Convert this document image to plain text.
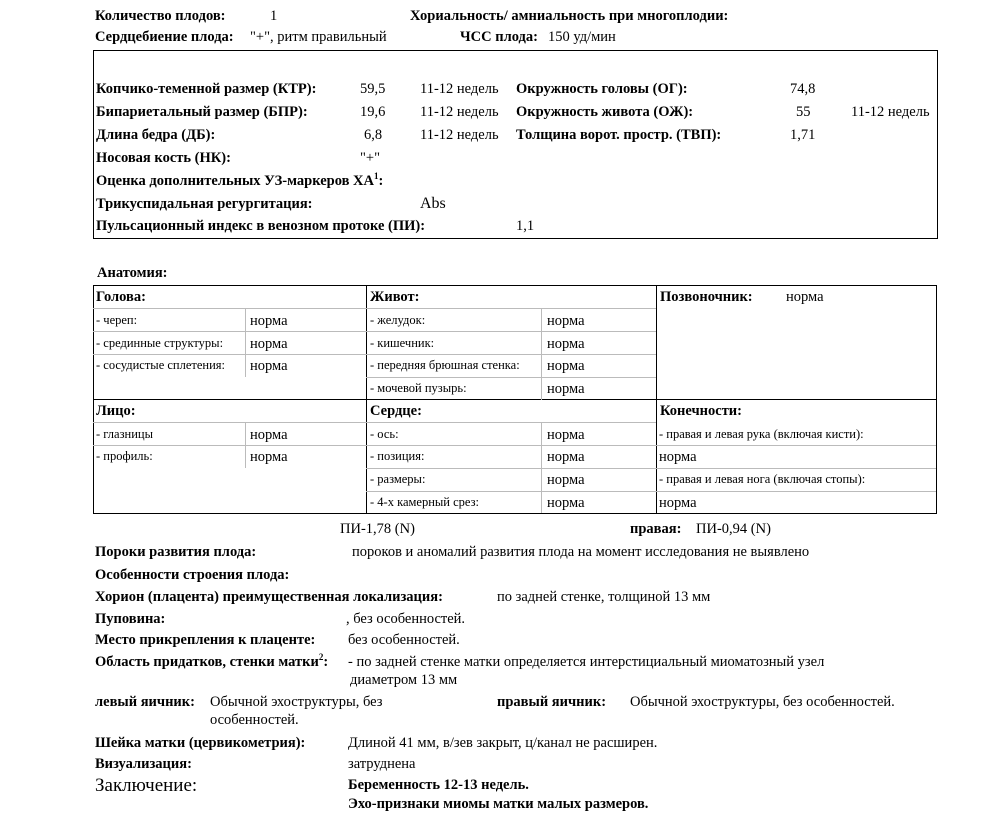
Количество плодов:	1	Хориальность/ амниальность при многоплодии:
Сердцебиение плода: "+", ритм правильный	ЧСС плода: 150 уд/мин
Копчико-теменной размер (КТР):	59,5 11-12 недель Окружность головы (ОГ):	74,8
Бипариетальный размер (БПР):	19,6 11-12 недель Окружность живота (ОЖ):	55	11-12 недель
Длина бедра (ДБ):	6,8	11-12 недель Толщина ворот. простр. (ТВП):	1,71
Носовая кость (НК):	"+"
Оценка дополнительных УЗ-маркеров $ХА^1$:
Трикуспидальная регургитация:	Abs
Пульсационный индекс в венозном протоке (ПИ):	1,1
Анатомия:
Голова:
- череп:	норма
- срединные структуры: норма
- сосудистые сплетения: норма
Живот:
- желудок:	норма
- кишечник:	норма
- передняя брюшная стенка: норма
- мочевой пузырь:	норма
Позвоночник: норма
Лицо:
- глазницы	норма
- профиль:	норма
Сердце:
- ось:	норма
- позиция:	норма
- размеры:	норма
- 4-х камерный срез:	норма
Конечности:
- правая и левая рука (включая кисти):
норма
- правая и левая нога (включая стопы):
норма
ПИ-1,78 (N)	правая: ПИ-0,94 (N)
Пороки развития плода:	пороков и аномалий развития плода на момент исследования не выявлено
Особенности строения плода:
Хорион (плацента) преимущественная локализация:	по задней стенке, толщиной 13 мм
Пуповина:	, без особенностей.
Место прикрепления к плаценте: без особенностей.
Область придатков, стенки матки$^2$: - по задней стенке матки определяется интерстициальный миоматозный узел
диаметром 13 мм
левый яичник: Обычной эхоструктуры, без
особенностей.
правый яичник: Обычной эхоструктуры, без особенностей.
Шейка матки (цервикометрия):	Длиной 41 мм, в/зев закрыт, ц/канал не расширен.
Визуализация:	затруднена
Заключение:	Беременность 12-13 недель.
Эхо-признаки миомы матки малых размеров.
